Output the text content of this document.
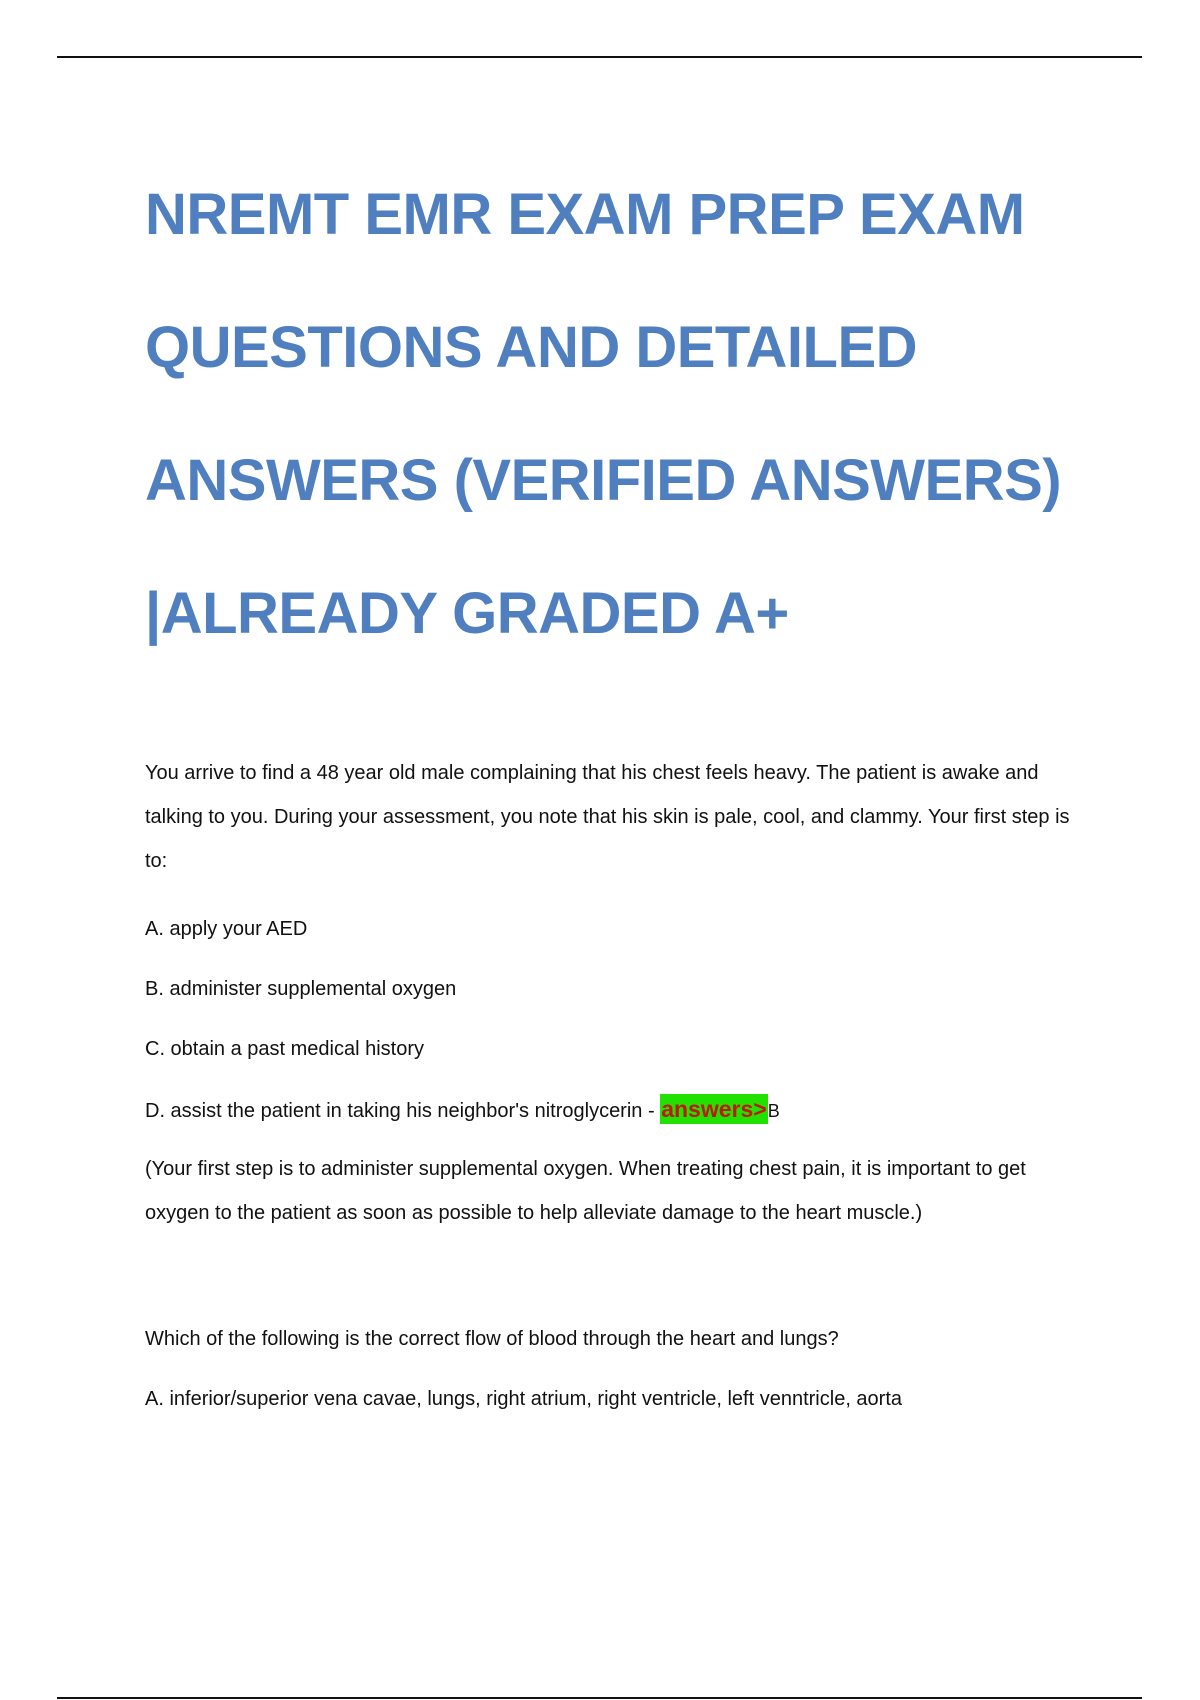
NREMT EMR EXAM PREP EXAM
QUESTIONS AND DETAILED
ANSWERS (VERIFIED ANSWERS)
|ALREADY GRADED A+

You arrive to find a 48 year old male complaining that his chest feels heavy. The patient is awake and talking to you. During your assessment, you note that his skin is pale, cool, and clammy. Your first step is to:

A. apply your AED

B. administer supplemental oxygen

C. obtain a past medical history

D. assist the patient in taking his neighbor's nitroglycerin - answers>B

(Your first step is to administer supplemental oxygen. When treating chest pain, it is important to get oxygen to the patient as soon as possible to help alleviate damage to the heart muscle.)

Which of the following is the correct flow of blood through the heart and lungs?

A. inferior/superior vena cavae, lungs, right atrium, right ventricle, left venntricle, aorta
